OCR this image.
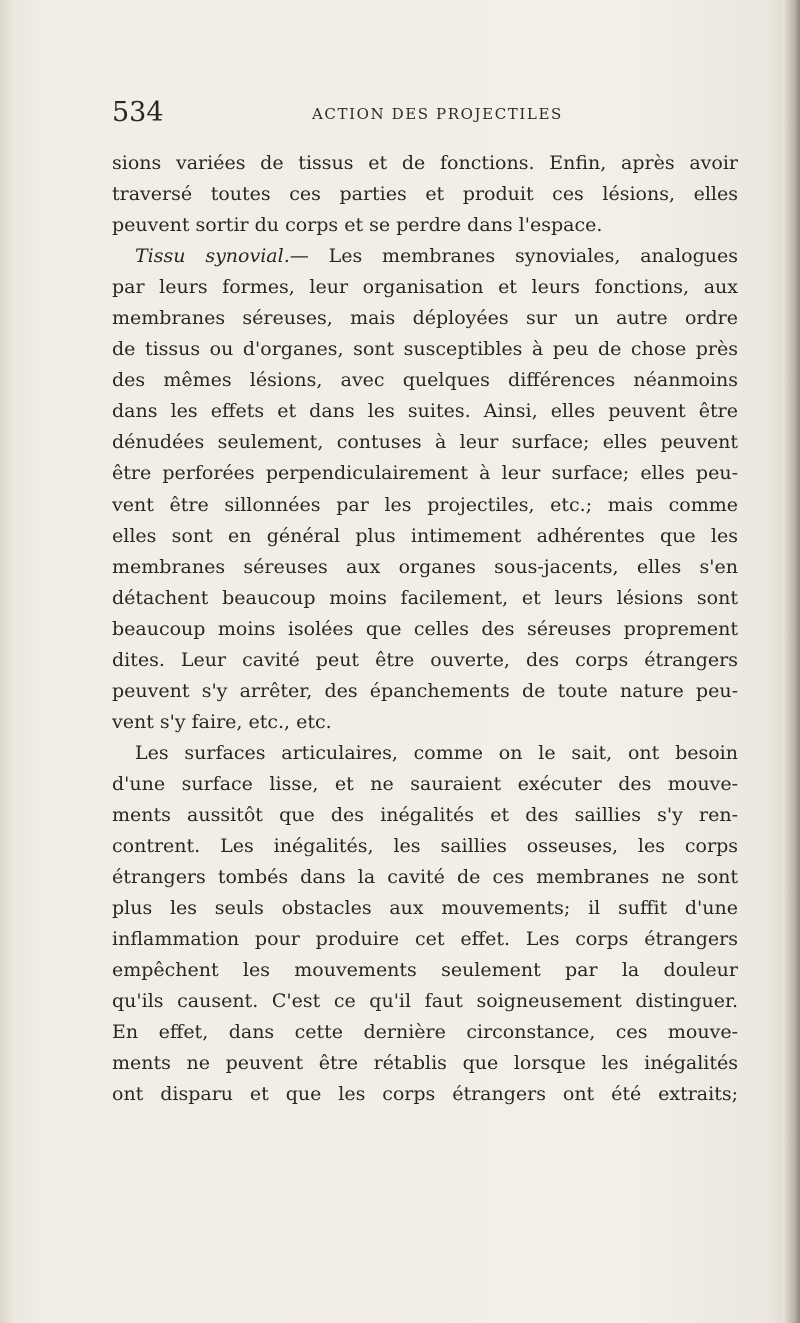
534	ACTION DES PROJECTILES
sions variées de tissus et de fonctions. Enfin, après avoir
traversé toutes ces parties et produit ces lésions, elles
peuvent sortir du corps et se perdre dans l'espace.
Tissu synovial.— Les membranes synoviales, analogues
par leurs formes, leur organisation et leurs fonctions, aux
membranes séreuses, mais déployées sur un autre ordre
de tissus ou d'organes, sont susceptibles à peu de chose près
des mêmes lésions, avec quelques différences néanmoins
dans les effets et dans les suites. Ainsi, elles peuvent être
dénudées seulement, contuses à leur surface; elles peuvent
être perforées perpendiculairement à leur surface; elles peu-
vent être sillonnées par les projectiles, etc.; mais comme
elles sont en général plus intimement adhérentes que les
membranes séreuses aux organes sous-jacents, elles s'en
détachent beaucoup moins facilement, et leurs lésions sont
beaucoup moins isolées que celles des séreuses proprement
dites. Leur cavité peut être ouverte, des corps étrangers
peuvent s'y arrêter, des épanchements de toute nature peu-
vent s'y faire, etc., etc.
Les surfaces articulaires, comme on le sait, ont besoin
d'une surface lisse, et ne sauraient exécuter des mouve-
ments aussitôt que des inégalités et des saillies s'y ren-
contrent. Les inégalités, les saillies osseuses, les corps
étrangers tombés dans la cavité de ces membranes ne sont
plus les seuls obstacles aux mouvements; il suffit d'une
inflammation pour produire cet effet. Les corps étrangers
empêchent les mouvements seulement par la douleur
qu'ils causent. C'est ce qu'il faut soigneusement distinguer.
En effet, dans cette dernière circonstance, ces mouve-
ments ne peuvent être rétablis que lorsque les inégalités
ont disparu et que les corps étrangers ont été extraits;
